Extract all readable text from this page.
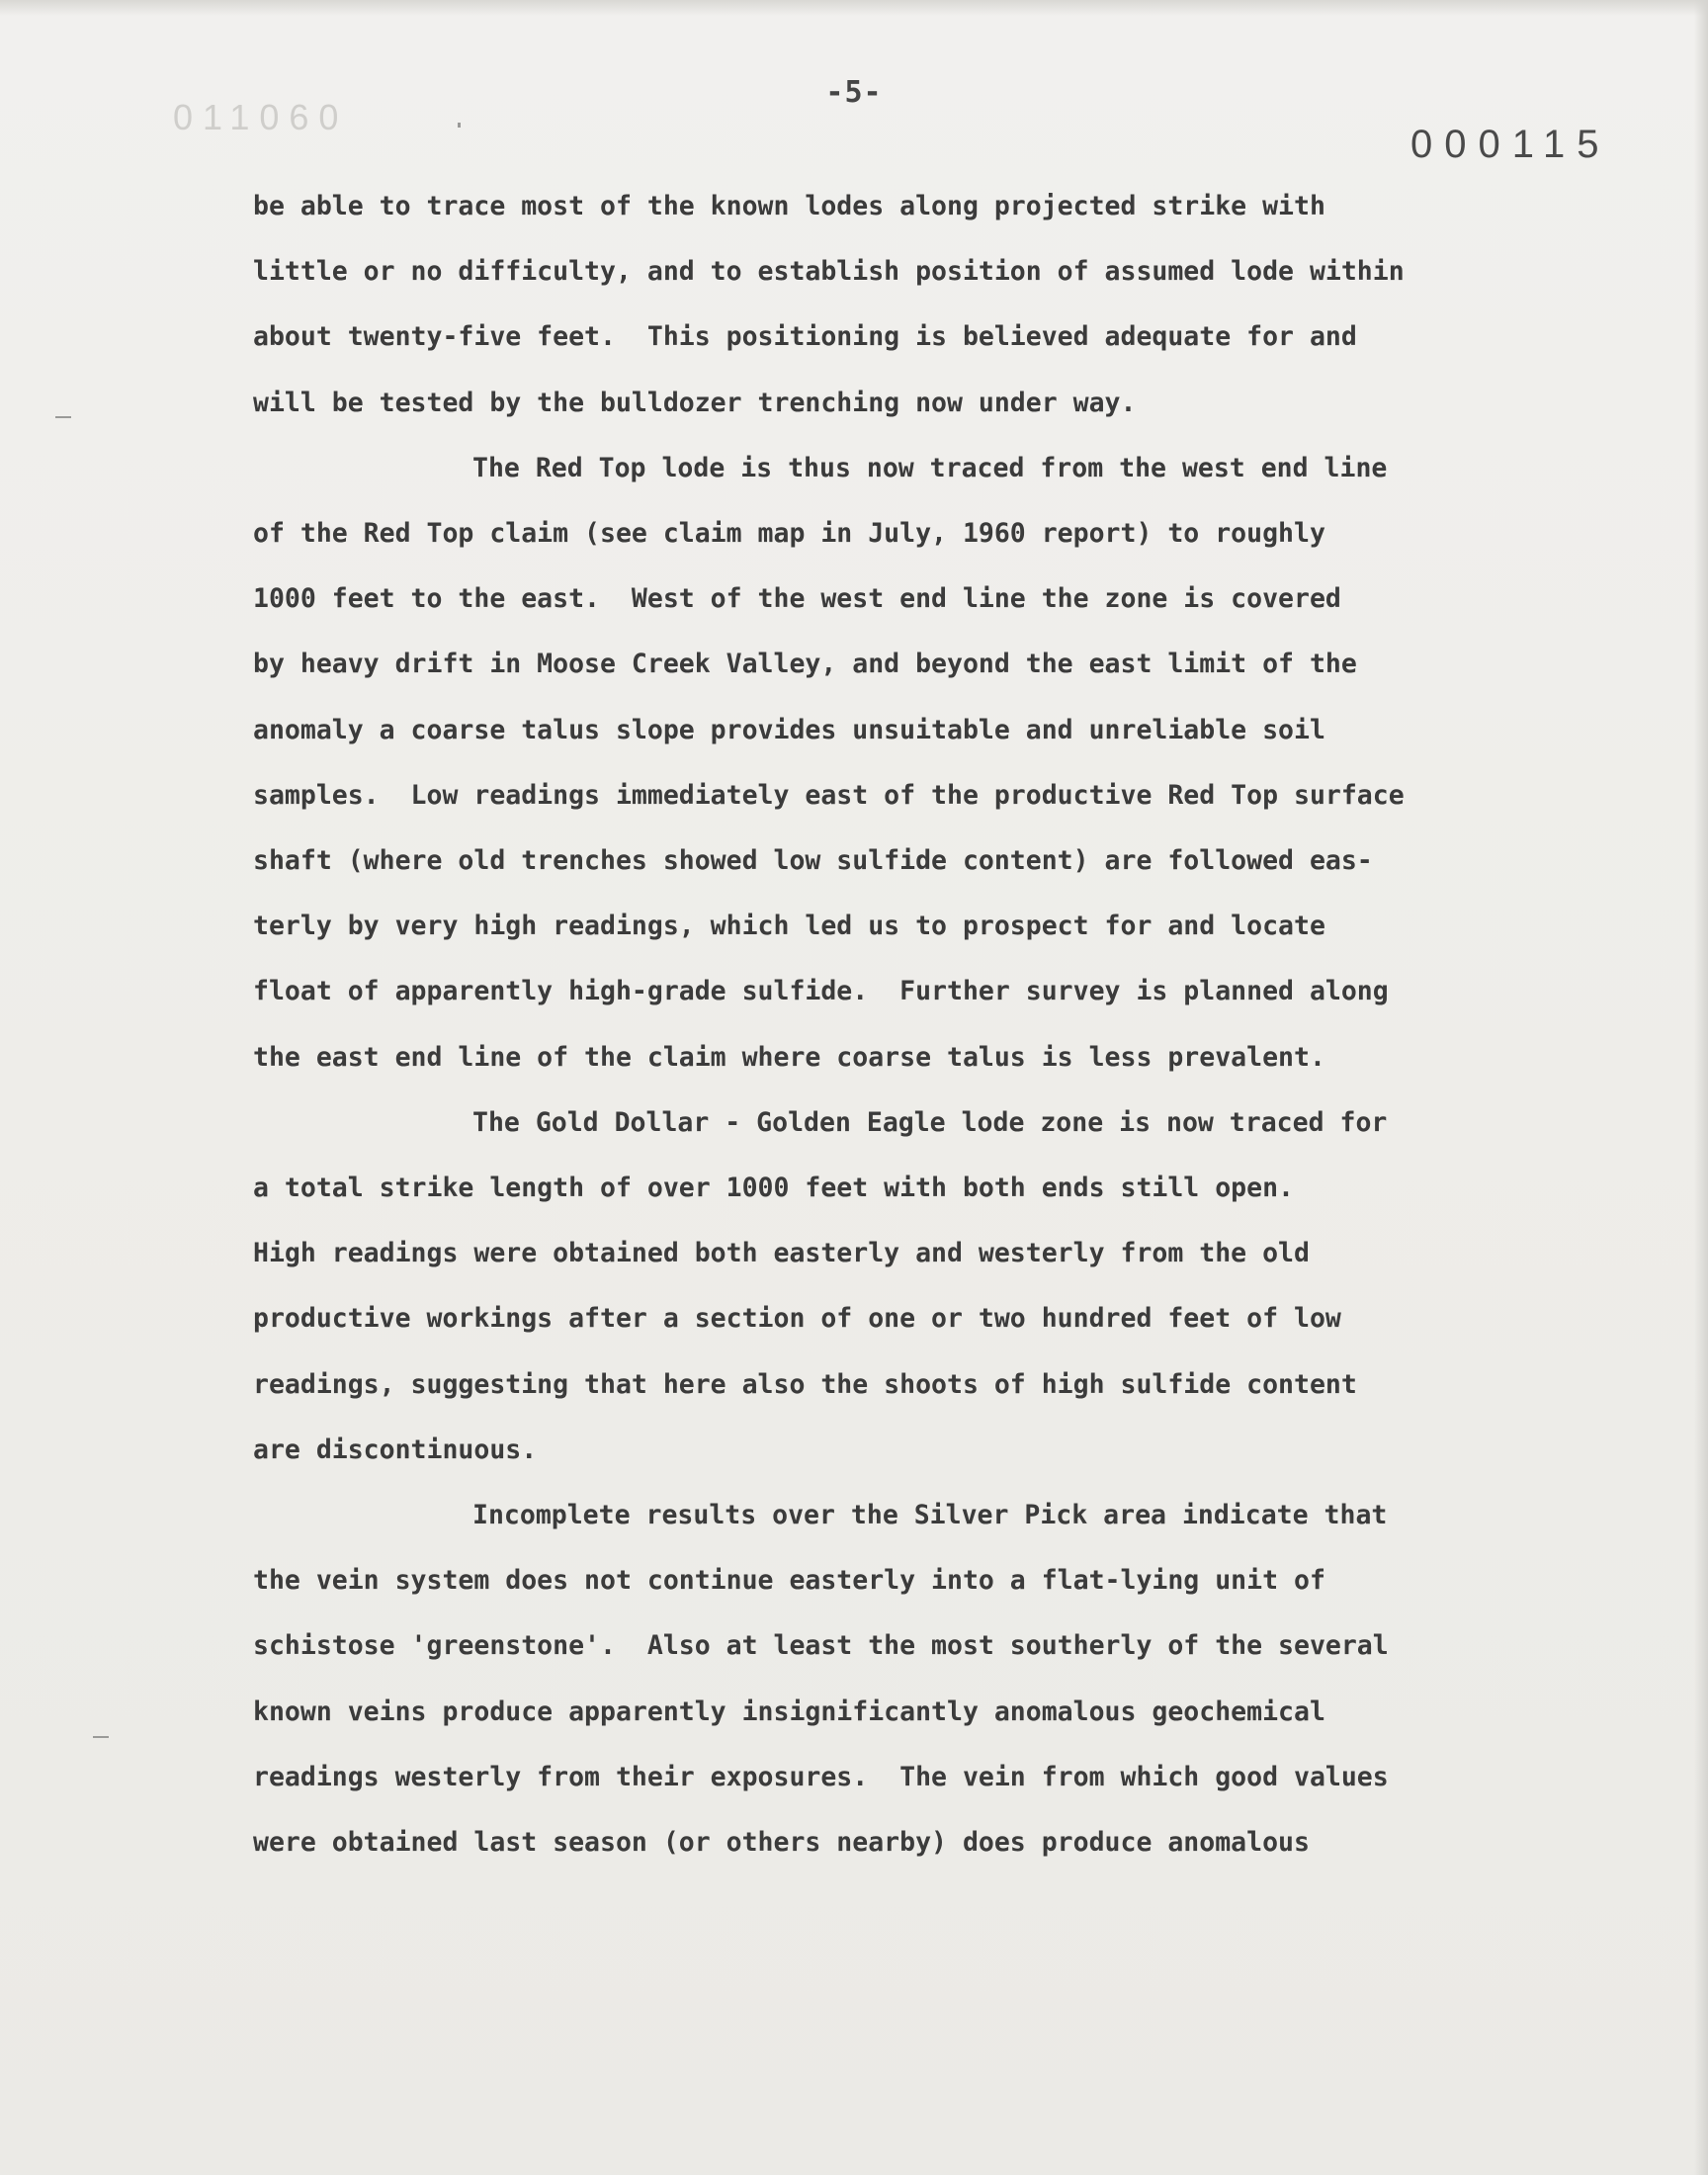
011060
-5-
000115
be able to trace most of the known lodes along projected strike with
little or no difficulty, and to establish position of assumed lode within
about twenty-five feet.  This positioning is believed adequate for and
will be tested by the bulldozer trenching now under way.
The Red Top lode is thus now traced from the west end line
of the Red Top claim (see claim map in July, 1960 report) to roughly
1000 feet to the east.  West of the west end line the zone is covered
by heavy drift in Moose Creek Valley, and beyond the east limit of the
anomaly a coarse talus slope provides unsuitable and unreliable soil
samples.  Low readings immediately east of the productive Red Top surface
shaft (where old trenches showed low sulfide content) are followed eas-
terly by very high readings, which led us to prospect for and locate
float of apparently high-grade sulfide.  Further survey is planned along
the east end line of the claim where coarse talus is less prevalent.
The Gold Dollar - Golden Eagle lode zone is now traced for
a total strike length of over 1000 feet with both ends still open.
High readings were obtained both easterly and westerly from the old
productive workings after a section of one or two hundred feet of low
readings, suggesting that here also the shoots of high sulfide content
are discontinuous.
Incomplete results over the Silver Pick area indicate that
the vein system does not continue easterly into a flat-lying unit of
schistose 'greenstone'.  Also at least the most southerly of the several
known veins produce apparently insignificantly anomalous geochemical
readings westerly from their exposures.  The vein from which good values
were obtained last season (or others nearby) does produce anomalous
